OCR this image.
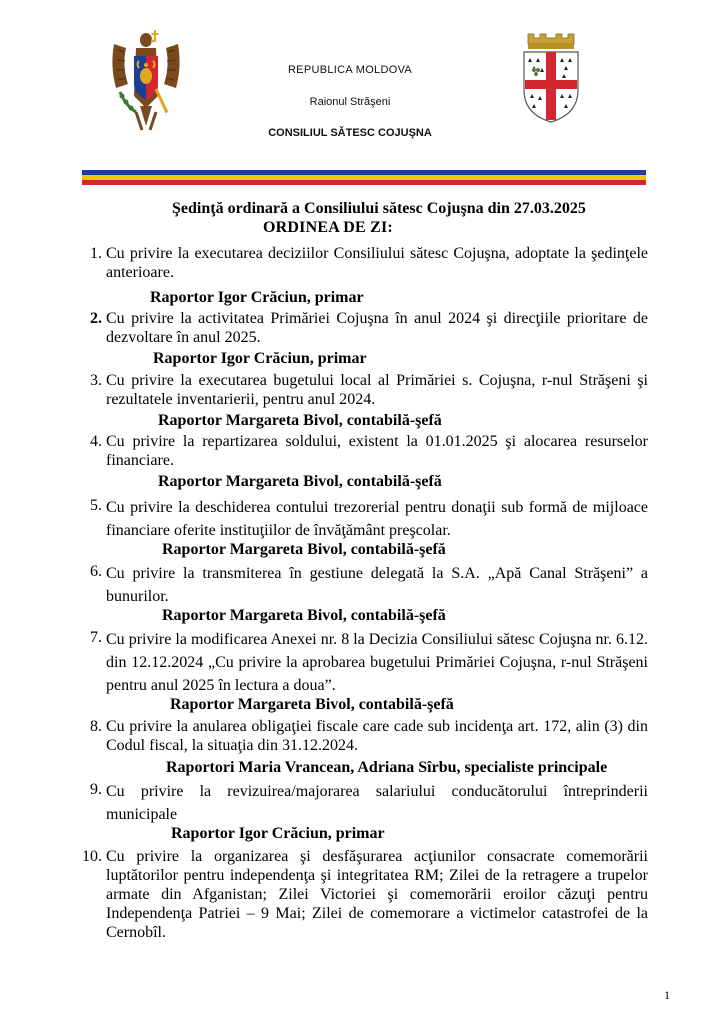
REPUBLICA MOLDOVA
Raionul Străşeni
CONSILIUL SĂTESC COJUŞNA
Şedinţă ordinară a Consiliului sătesc Cojuşna din 27.03.2025
ORDINEA DE ZI:
1. Cu privire la executarea deciziilor Consiliului sătesc Cojuşna, adoptate la şedinţele anterioare.
Raportor Igor Crăciun, primar
2. Cu privire la activitatea Primăriei Cojuşna în anul 2024 şi direcţiile prioritare de dezvoltare în anul 2025.
Raportor Igor Crăciun, primar
3. Cu privire la executarea bugetului local al Primăriei s. Cojuşna, r-nul Străşeni şi rezultatele inventarierii, pentru anul 2024.
Raportor Margareta Bivol, contabilă-şefă
4. Cu privire la repartizarea soldului, existent la 01.01.2025 şi alocarea resurselor financiare.
Raportor Margareta Bivol, contabilă-şefă
5. Cu privire la deschiderea contului trezorerial pentru donaţii sub formă de mijloace financiare oferite instituţiilor de învăţământ preşcolar.
Raportor Margareta Bivol, contabilă-şefă
6. Cu privire la transmiterea în gestiune delegată la S.A. „Apă Canal Străşeni” a bunurilor.
Raportor Margareta Bivol, contabilă-şefă
7. Cu privire la modificarea Anexei nr. 8 la Decizia Consiliului sătesc Cojuşna nr. 6.12. din 12.12.2024 „Cu privire la aprobarea bugetului Primăriei Cojuşna, r-nul Străşeni pentru anul 2025 în lectura a doua”.
Raportor Margareta Bivol, contabilă-şefă
8. Cu privire la anularea obligaţiei fiscale care cade sub incidenţa art. 172, alin (3) din Codul fiscal, la situaţia din 31.12.2024.
Raportori Maria Vrancean, Adriana Sîrbu, specialiste principale
9. Cu privire la revizuirea/majorarea salariului conducătorului întreprinderii municipale
Raportor Igor Crăciun, primar
10. Cu privire la organizarea şi desfăşurarea acţiunilor consacrate comemorării luptătorilor pentru independenţa şi integritatea RM; Zilei de la retragere a trupelor armate din Afganistan; Zilei Victoriei şi comemorării eroilor căzuţi pentru Independenţa Patriei – 9 Mai; Zilei de comemorare a victimelor catastrofei de la Cernobîl.
1
